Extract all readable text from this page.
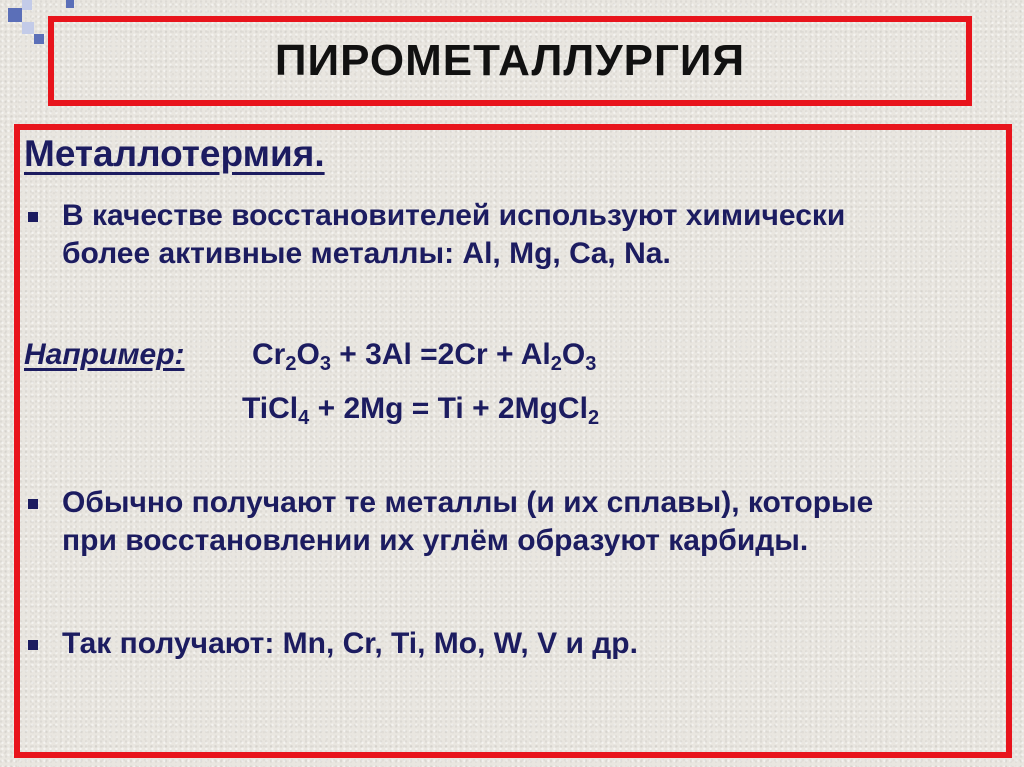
ПИРОМЕТАЛЛУРГИЯ
Металлотермия.
В качестве восстановителей используют химически
более активные металлы: Al, Mg, Ca, Na.
Например: $Cr_2O_3 + 3Al =2Cr + Al_2O_3$
TiCl$_4$ + 2Mg = Ti + 2MgCl$_2$
Обычно получают те металлы (и их сплавы), которые
при восстановлении их углём образуют карбиды.
Так получают: Mn, Cr, Ti, Mo, W, V и др.
